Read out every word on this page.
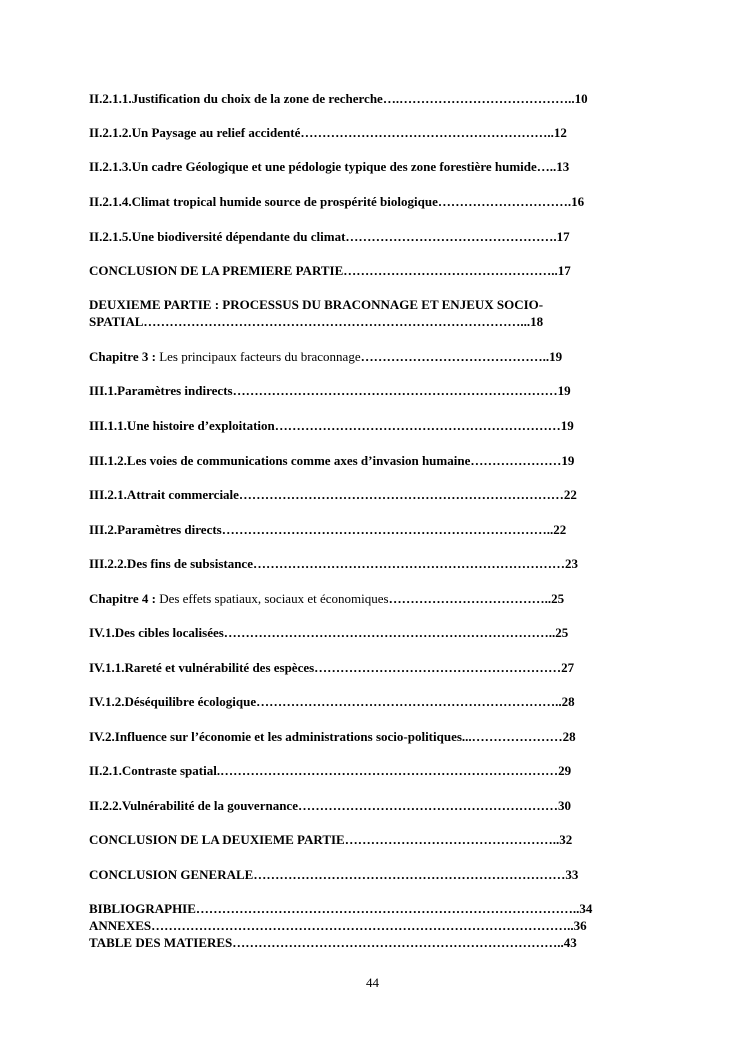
II.2.1.1.Justification du choix de la zone de recherche….…………………………………..10
II.2.1.2.Un Paysage au relief accidenté…………………………………………………..12
II.2.1.3.Un cadre Géologique et une pédologie typique des zone forestière humide…..13
II.2.1.4.Climat tropical humide source de prospérité biologique………………………….16
II.2.1.5.Une biodiversité dépendante du climat………………………………………….17
CONCLUSION DE LA PREMIERE PARTIE…………………………………………..17
DEUXIEME PARTIE : PROCESSUS DU BRACONNAGE ET ENJEUX SOCIO-SPATIAL……………………………………………………………………………...18
Chapitre 3 : Les principaux facteurs du braconnage……………………………………..19
III.1.Paramètres indirects…………………………………………………………………19
III.1.1.Une histoire d’exploitation…………………………………………………………19
III.1.2.Les voies de communications comme axes d’invasion humaine…………………19
III.2.1.Attrait commerciale…………………………………………………………………22
III.2.Paramètres directs…………………………………………………………………..22
III.2.2.Des fins de subsistance………………………………………………………………23
Chapitre 4 : Des effets spatiaux, sociaux et économiques………………………………..25
IV.1.Des cibles localisées…………………………………………………………………..25
IV.1.1.Rareté et vulnérabilité des espèces…………………………………………………27
IV.1.2.Déséquilibre écologique……………………………………………………………..28
IV.2.Influence sur l’économie et les administrations socio-politiques...…………………28
II.2.1.Contraste spatial.……………………………………………………………………29
II.2.2.Vulnérabilité de la gouvernance……………………………………………………30
CONCLUSION DE LA DEUXIEME PARTIE…………………………………………..32
CONCLUSION GENERALE………………………………………………………………33
BIBLIOGRAPHIE……………………………………………………………………………..34
ANNEXES……………………………………………………………………………………..36
TABLE DES MATIERES…………………………………………………………………..43
44
